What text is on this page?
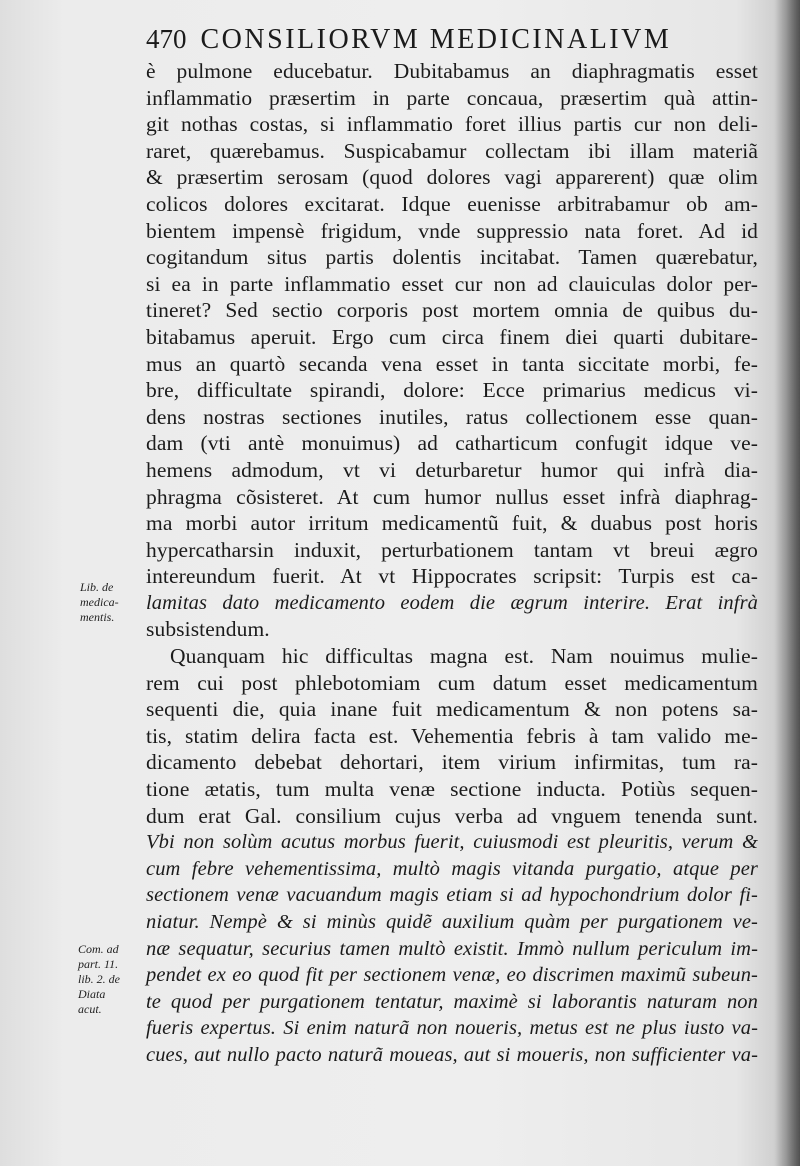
470 CONSILIORVM MEDICINALIVM
è pulmone educebatur. Dubitabamus an diaphragmatis esset
inflammatio præsertim in parte concaua, præsertim quà attin-
git nothas costas, si inflammatio foret illius partis cur non deli-
raret, quærebamus. Suspicabamur collectam ibi illam materiã
& præsertim serosam (quod dolores vagi apparerent) quæ olim
colicos dolores excitarat. Idque euenisse arbitrabamur ob am-
bientem impensè frigidum, vnde suppressio nata foret. Ad id
cogitandum situs partis dolentis incitabat. Tamen quærebatur,
si ea in parte inflammatio esset cur non ad clauiculas dolor per-
tineret? Sed sectio corporis post mortem omnia de quibus du-
bitabamus aperuit. Ergo cum circa finem diei quarti dubitare-
mus an quartò secanda vena esset in tanta siccitate morbi, fe-
bre, difficultate spirandi, dolore: Ecce primarius medicus vi-
dens nostras sectiones inutiles, ratus collectionem esse quan-
dam (vti antè monuimus) ad catharticum confugit idque ve-
hemens admodum, vt vi deturbaretur humor qui infrà dia-
phragma cõsisteret. At cum humor nullus esset infrà diaphrag-
ma morbi autor irritum medicamentũ fuit, & duabus post horis
hypercatharsin induxit, perturbationem tantam vt breui ægro
intereundum fuerit. At vt Hippocrates scripsit: Turpis est ca-
lamitas dato medicamento eodem die ægrum interire. Erat infrà
subsistendum.
Quanquam hic difficultas magna est. Nam nouimus mulie-
rem cui post phlebotomiam cum datum esset medicamentum
sequenti die, quia inane fuit medicamentum & non potens sa-
tis, statim delira facta est. Vehementia febris à tam valido me-
dicamento debebat dehortari, item virium infirmitas, tum ra-
tione ætatis, tum multa venæ sectione inducta. Potiùs sequen-
dum erat Gal. consilium cujus verba ad vnguem tenenda sunt.
Vbi non solùm acutus morbus fuerit, cuiusmodi est pleuritis, verum &
cum febre vehementissima, multò magis vitanda purgatio, atque per
sectionem venæ vacuandum magis etiam si ad hypochondrium dolor fi-
niatur. Nempè & si minùs quidẽ auxilium quàm per purgationem ve-
næ sequatur, securius tamen multò existit. Immò nullum periculum im-
pendet ex eo quod fit per sectionem venæ, eo discrimen maximũ subeun-
te quod per purgationem tentatur, maximè si laborantis naturam non
fueris expertus. Si enim naturã non noueris, metus est ne plus iusto va-
cues, aut nullo pacto naturã moueas, aut si moueris, non sufficienter va-
Lib. de
medica-
mentis.
Com. ad
part. 11.
lib. 2. de
Diata
acut.
